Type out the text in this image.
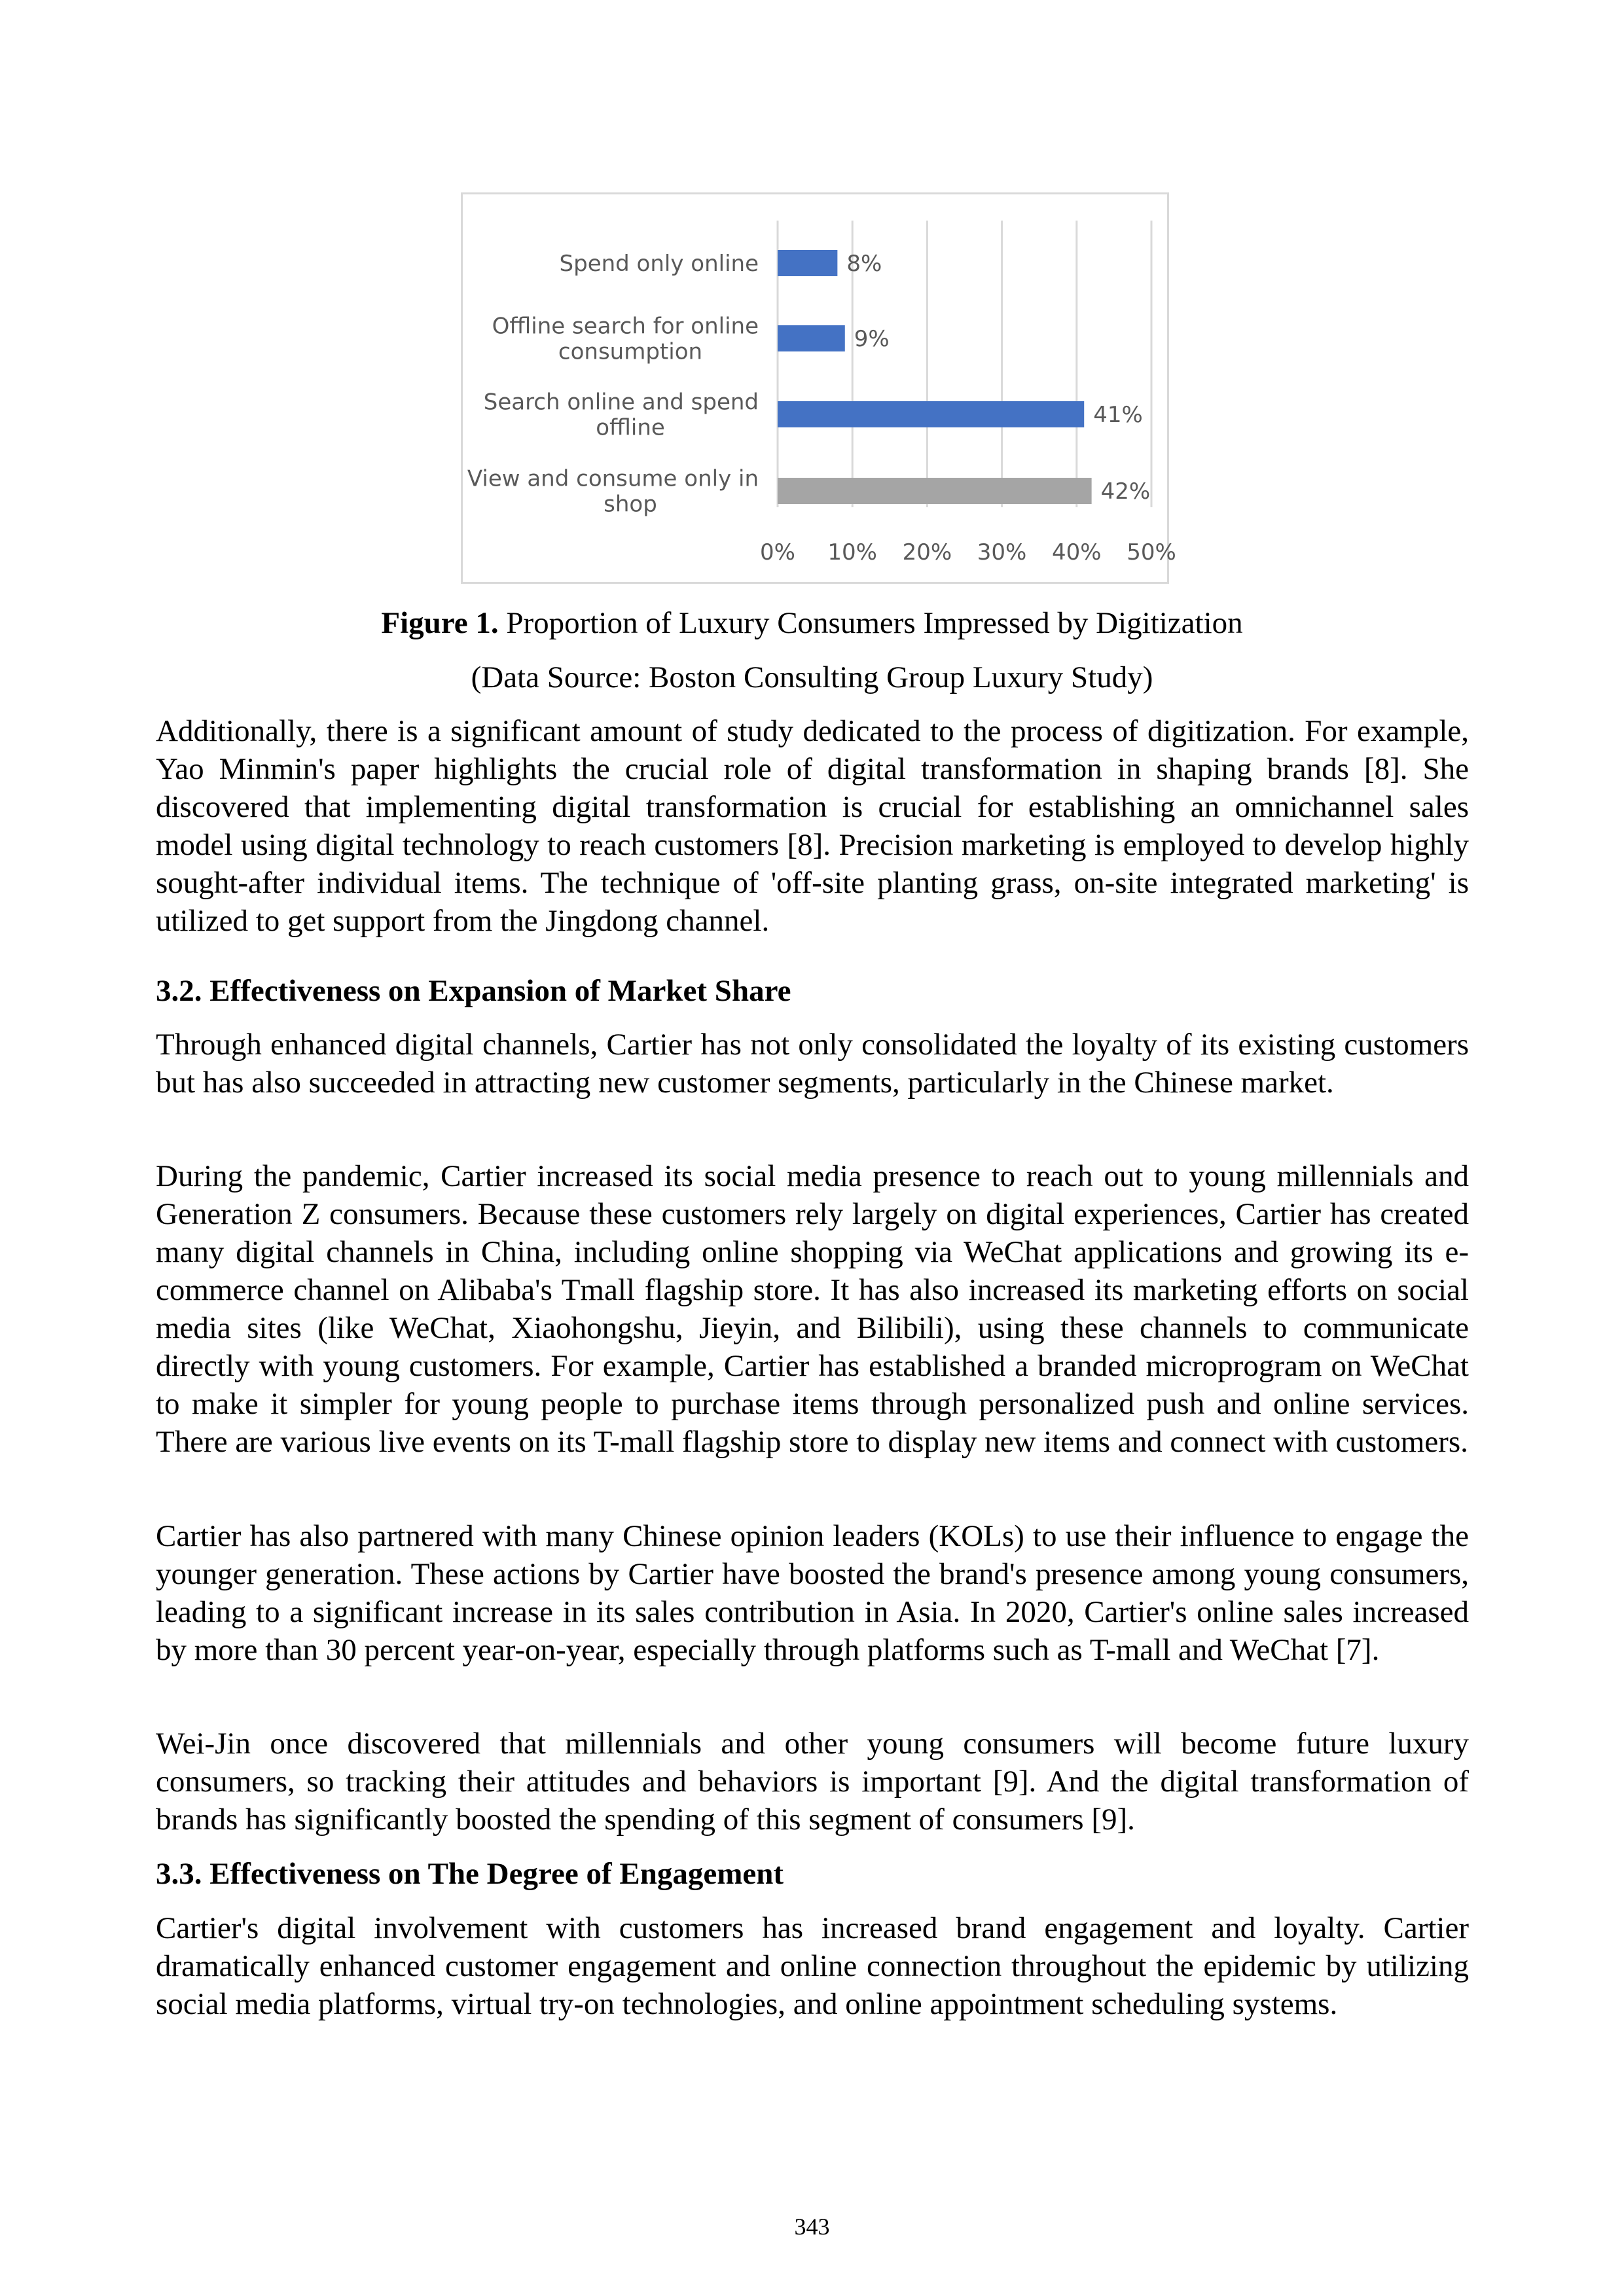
0% 10% 20% 30% 40% 50%
8%
Spend only online
9%
Offline search for online
consumption
41%
Search online and spend
offline
42%
View and consume only in
shop
Figure 1. Proportion of Luxury Consumers Impressed by Digitization
(Data Source: Boston Consulting Group Luxury Study)

Additionally, there is a significant amount of study dedicated to the process of digitization. For example, Yao Minmin's paper highlights the crucial role of digital transformation in shaping brands [8]. She discovered that implementing digital transformation is crucial for establishing an omnichannel sales model using digital technology to reach customers [8]. Precision marketing is employed to develop highly sought-after individual items. The technique of 'off-site planting grass, on-site integrated marketing' is utilized to get support from the Jingdong channel.

3.2. Effectiveness on Expansion of Market Share

Through enhanced digital channels, Cartier has not only consolidated the loyalty of its existing customers but has also succeeded in attracting new customer segments, particularly in the Chinese market.

During the pandemic, Cartier increased its social media presence to reach out to young millennials and Generation Z consumers. Because these customers rely largely on digital experiences, Cartier has created many digital channels in China, including online shopping via WeChat applications and growing its e-commerce channel on Alibaba's Tmall flagship store. It has also increased its marketing efforts on social media sites (like WeChat, Xiaohongshu, Jieyin, and Bilibili), using these channels to communicate directly with young customers. For example, Cartier has established a branded microprogram on WeChat to make it simpler for young people to purchase items through personalized push and online services. There are various live events on its T-mall flagship store to display new items and connect with customers.

Cartier has also partnered with many Chinese opinion leaders (KOLs) to use their influence to engage the younger generation. These actions by Cartier have boosted the brand's presence among young consumers, leading to a significant increase in its sales contribution in Asia. In 2020, Cartier's online sales increased by more than 30 percent year-on-year, especially through platforms such as T-mall and WeChat [7].

Wei-Jin once discovered that millennials and other young consumers will become future luxury consumers, so tracking their attitudes and behaviors is important [9]. And the digital transformation of brands has significantly boosted the spending of this segment of consumers [9].

3.3. Effectiveness on The Degree of Engagement

Cartier's digital involvement with customers has increased brand engagement and loyalty. Cartier dramatically enhanced customer engagement and online connection throughout the epidemic by utilizing social media platforms, virtual try-on technologies, and online appointment scheduling systems.

343
